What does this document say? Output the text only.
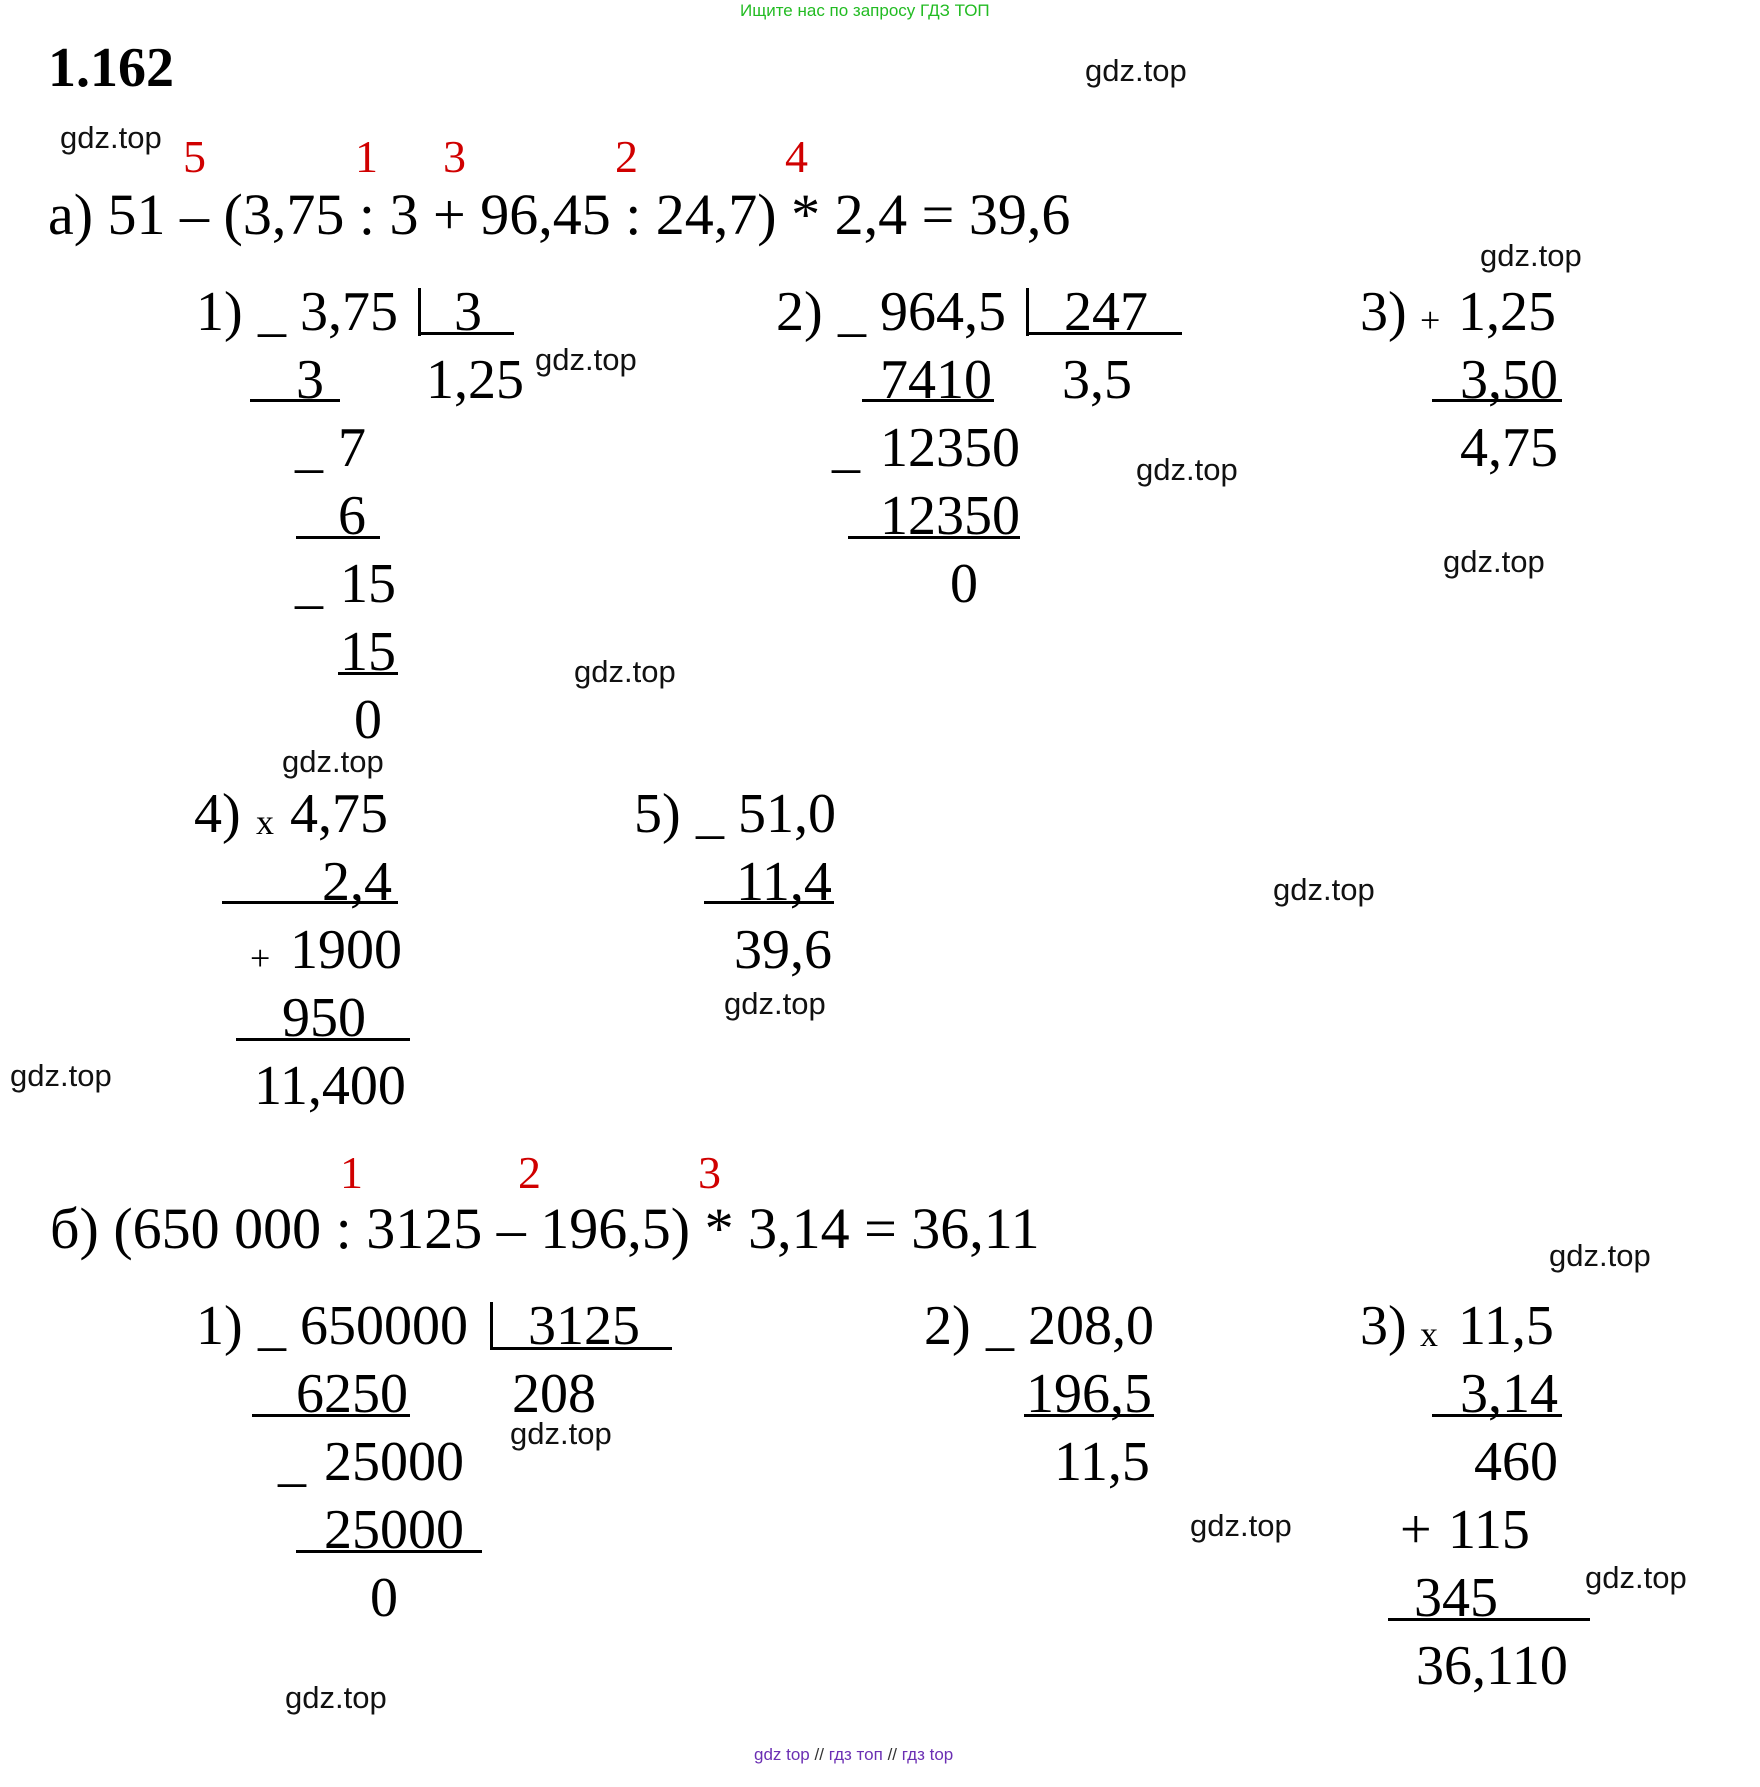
Ищите нас по запросу ГДЗ ТОП
1.162
5	1 3	2	4
а) 51 – (3,75 : 3 + 96,45 : 24,7) * 2,4 = 39,6
1) _ 3,75 3
1,25
3
_ 7
6
_ 15
15
0
2) _ 964,5 247
3,5
7410
_ 12350
12350
0
3) + 1,25
3,50
4,75
4) x 4,75
2,4
+ 1900
950
11,400
5) _ 51,0
11,4
39,6
1	2	3
б) (650 000 : 3125 – 196,5) * 3,14 = 36,11
1) _ 650000 3125
208
6250
_ 25000
25000
0
2) _ 208,0
196,5
11,5
3) x 11,5
3,14
460
+ 115
345
36,110
gdz.top
gdz.top
gdz.top
gdz.top
gdz.top
gdz.top
gdz.top
gdz.top
gdz.top
gdz.top
gdz.top
gdz.top
gdz.top
gdz.top
gdz.top
gdz.top
gdz top // гдз топ // гдз top
